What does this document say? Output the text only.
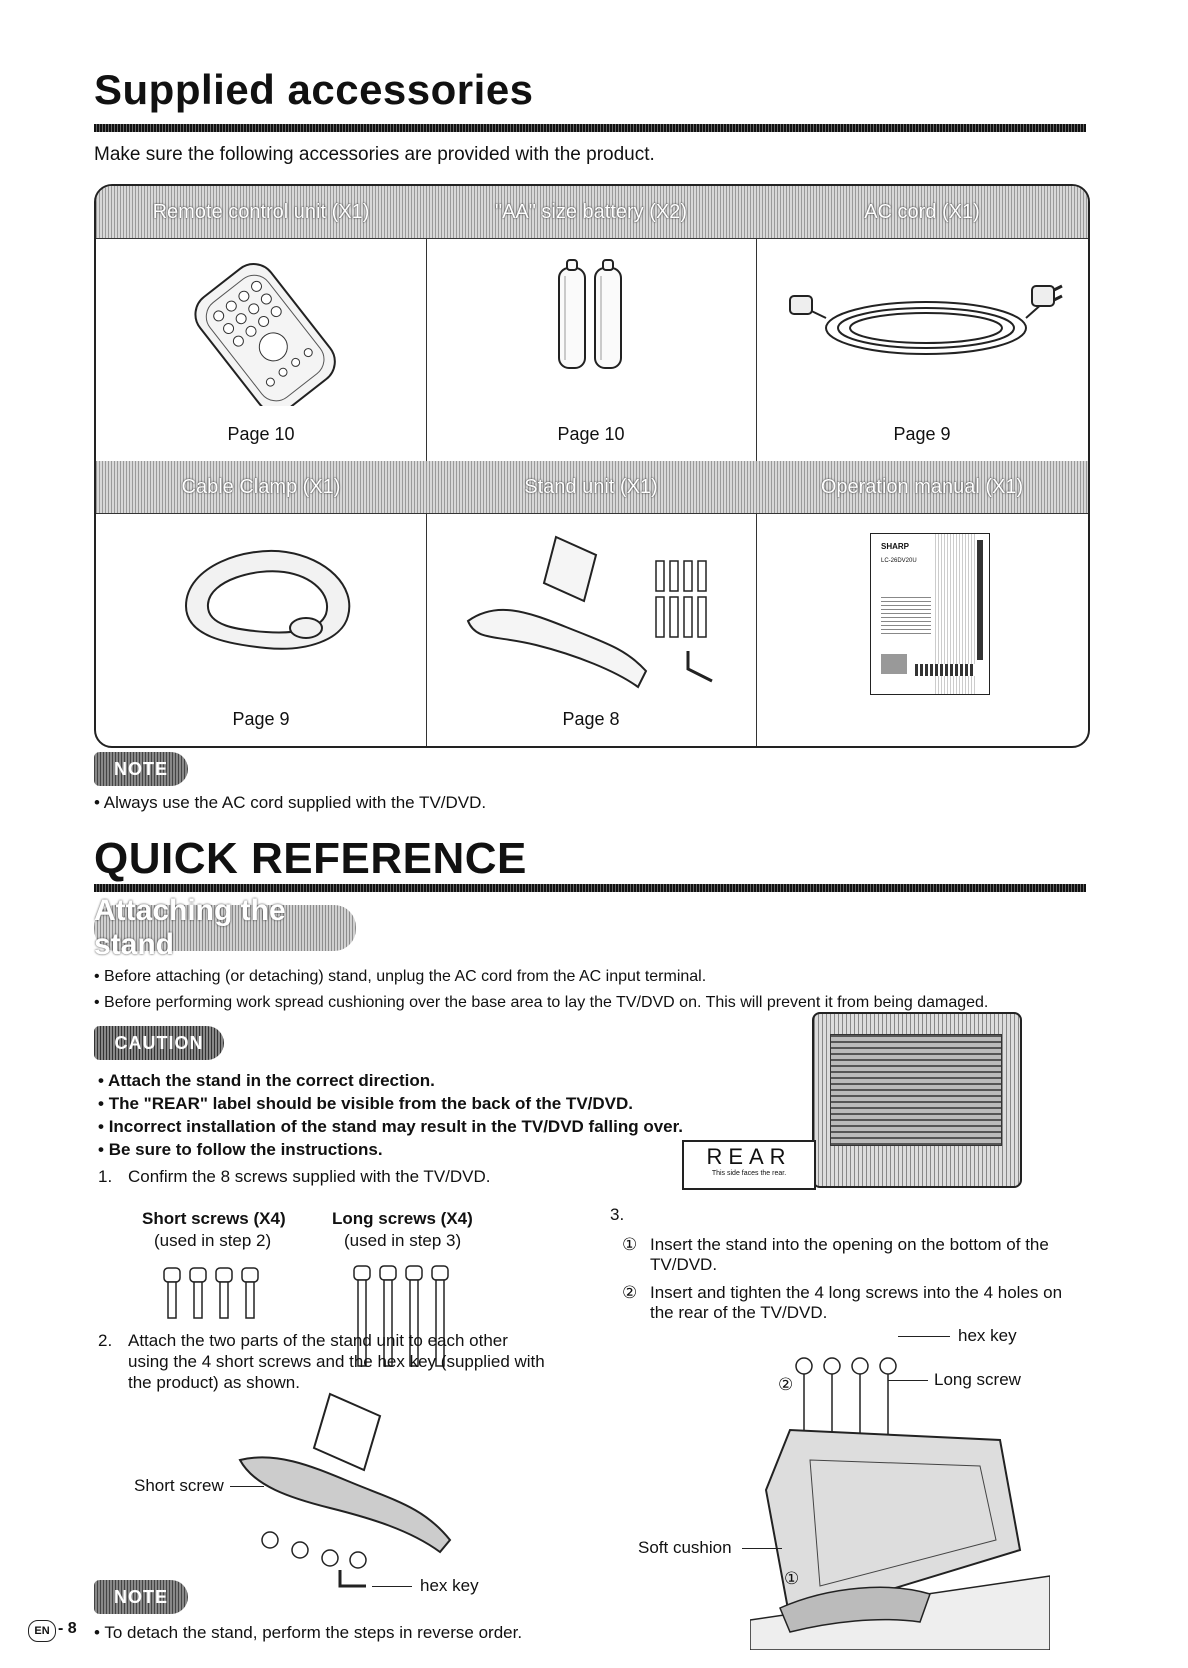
Supplied accessories
Make sure the following accessories are provided with the product.
Remote control unit (X1)
Page 10
"AA" size battery (X2)
Page 10
AC cord (X1)
Page 9
Cable Clamp (X1)
Page 9
Stand unit (X1)
Page 8
Operation manual (X1)
SHARP
LC-26DV20U
NOTE
• Always use the AC cord supplied with the TV/DVD.
QUICK REFERENCE
Attaching the stand
• Before attaching (or detaching) stand, unplug the AC cord from the AC input terminal.
• Before performing work spread cushioning over the base area to lay the TV/DVD on. This will prevent it from being damaged.
CAUTION
• Attach the stand in the correct direction.
• The "REAR" label should be visible from the back of the TV/DVD.
• Incorrect installation of the stand may result in the TV/DVD falling over.
• Be sure to follow the instructions.
1. Confirm the 8 screws supplied with the TV/DVD.
Short screws (X4)
(used in step 2)
Long screws (X4)
(used in step 3)
2. Attach the two parts of the stand unit to each other
using the 4 short screws and the hex key (supplied with
the product) as shown.
Short screw
hex key
REAR
This side faces the rear.
3.
① Insert the stand into the opening on the bottom of the
TV/DVD.
② Insert and tighten the 4 long screws into the 4 holes on
the rear of the TV/DVD.
hex key
Long screw
②
Soft cushion
①
NOTE
• To detach the stand, perform the steps in reverse order.
EN - 8
